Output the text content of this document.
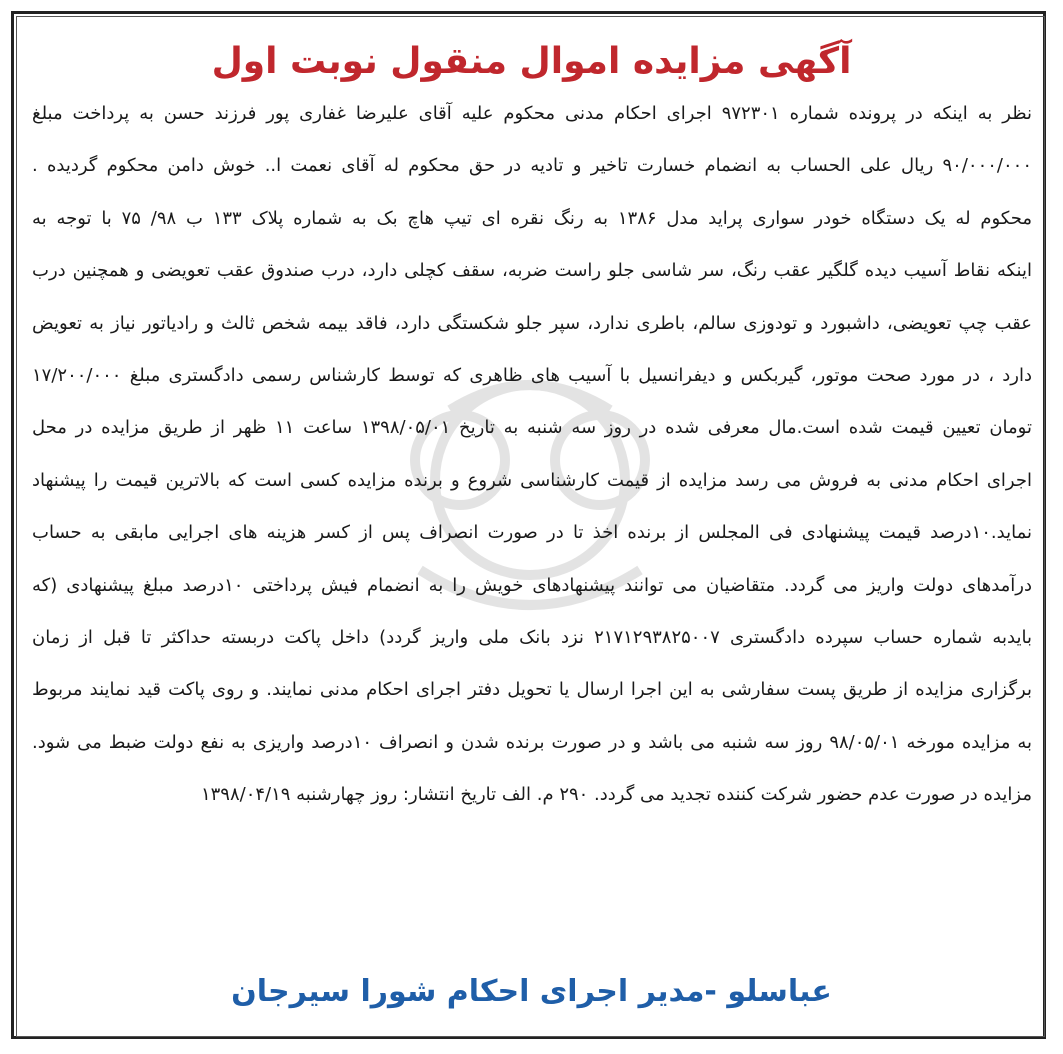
آگهی مزایده اموال منقول نوبت اول
نظر به اینکه در پرونده شماره ۹۷۲۳۰۱ اجرای احکام مدنی محکوم علیه آقای علیرضا غفاری پور فرزند حسن به پرداخت مبلغ
۹۰/۰۰۰/۰۰۰ ریال علی الحساب به انضمام خسارت تاخیر و تادیه در حق محکوم له آقای نعمت ا.. خوش دامن محکوم گردیده .
محکوم له یک دستگاه خودر سواری پراید مدل ۱۳۸۶ به رنگ نقره ای تیپ هاچ بک به شماره پلاک ۱۳۳ ب ۹۸/ ۷۵ با توجه به
اینکه نقاط آسیب دیده گلگیر عقب رنگ، سر شاسی جلو راست ضربه، سقف کچلی دارد، درب صندوق عقب تعویضی و همچنین درب
عقب چپ تعویضی، داشبورد و تودوزی سالم، باطری ندارد، سپر جلو شکستگی دارد، فاقد بیمه شخص ثالث و رادیاتور نیاز به تعویض
دارد ، در مورد صحت موتور، گیربکس و دیفرانسیل با آسیب های ظاهری که توسط کارشناس رسمی دادگستری مبلغ ۱۷/۲۰۰/۰۰۰
تومان تعیین قیمت شده است.مال معرفی شده در روز سه شنبه به تاریخ ۱۳۹۸/۰۵/۰۱ ساعت ۱۱ ظهر از طریق مزایده در محل
اجرای احکام مدنی به فروش می رسد مزایده از قیمت کارشناسی شروع و برنده مزایده کسی است که بالاترین قیمت را پیشنهاد
نماید.۱۰درصد قیمت پیشنهادی فی المجلس از برنده اخذ تا در صورت انصراف پس از کسر هزینه های اجرایی مابقی به حساب
درآمدهای دولت واریز می گردد. متقاضیان می توانند پیشنهادهای خویش را به انضمام فیش پرداختی ۱۰درصد مبلغ پیشنهادی (که
بایدبه شماره حساب سپرده دادگستری ۲۱۷۱۲۹۳۸۲۵۰۰۷ نزد بانک ملی واریز گردد) داخل پاکت دربسته حداکثر تا قبل از زمان
برگزاری مزایده از طریق پست سفارشی به این اجرا ارسال یا تحویل دفتر اجرای احکام مدنی نمایند. و روی پاکت قید نمایند مربوط
به مزایده مورخه ۹۸/۰۵/۰۱ روز سه شنبه می باشد و در صورت برنده شدن و انصراف ۱۰درصد واریزی به نفع دولت ضبط می شود.
مزایده در صورت عدم حضور شرکت کننده تجدید می گردد. ۲۹۰ م. الف تاریخ انتشار: روز چهارشنبه ۱۳۹۸/۰۴/۱۹
عباسلو -مدیر اجرای احکام شورا سیرجان
